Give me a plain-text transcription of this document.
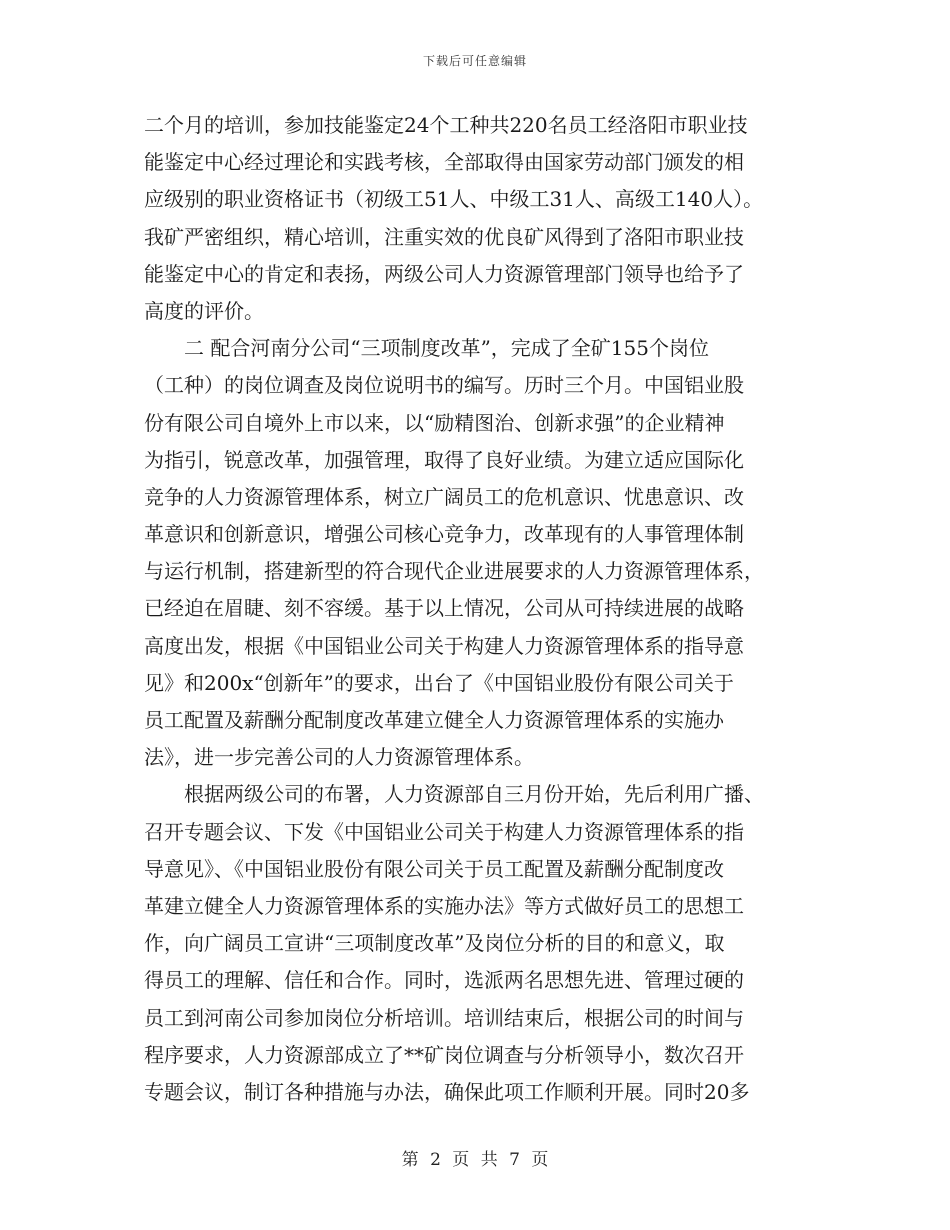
下载后可任意编辑
二个月的培训，参加技能鉴定24个工种共220名员工经洛阳市职业技
能鉴定中心经过理论和实践考核，全部取得由国家劳动部门颁发的相
应级别的职业资格证书（初级工51人、中级工31人、高级工140人）。
我矿严密组织，精心培训，注重实效的优良矿风得到了洛阳市职业技
能鉴定中心的肯定和表扬，两级公司人力资源管理部门领导也给予了
高度的评价。
　　二 配合河南分公司“三项制度改革”，完成了全矿155个岗位
（工种）的岗位调查及岗位说明书的编写。历时三个月。中国铝业股
份有限公司自境外上市以来，以“励精图治、创新求强”的企业精神
为指引，锐意改革，加强管理，取得了良好业绩。为建立适应国际化
竞争的人力资源管理体系，树立广阔员工的危机意识、忧患意识、改
革意识和创新意识，增强公司核心竞争力，改革现有的人事管理体制
与运行机制，搭建新型的符合现代企业进展要求的人力资源管理体系，
已经迫在眉睫、刻不容缓。基于以上情况，公司从可持续进展的战略
高度出发，根据《中国铝业公司关于构建人力资源管理体系的指导意
见》和200x“创新年”的要求，出台了《中国铝业股份有限公司关于
员工配置及薪酬分配制度改革建立健全人力资源管理体系的实施办
法》，进一步完善公司的人力资源管理体系。
　　根据两级公司的布署，人力资源部自三月份开始，先后利用广播、
召开专题会议、下发《中国铝业公司关于构建人力资源管理体系的指
导意见》、《中国铝业股份有限公司关于员工配置及薪酬分配制度改
革建立健全人力资源管理体系的实施办法》等方式做好员工的思想工
作，向广阔员工宣讲“三项制度改革”及岗位分析的目的和意义，取
得员工的理解、信任和合作。同时，选派两名思想先进、管理过硬的
员工到河南公司参加岗位分析培训。培训结束后，根据公司的时间与
程序要求，人力资源部成立了**矿岗位调查与分析领导小，数次召开
专题会议，制订各种措施与办法，确保此项工作顺利开展。同时20多
第 2 页 共 7 页
